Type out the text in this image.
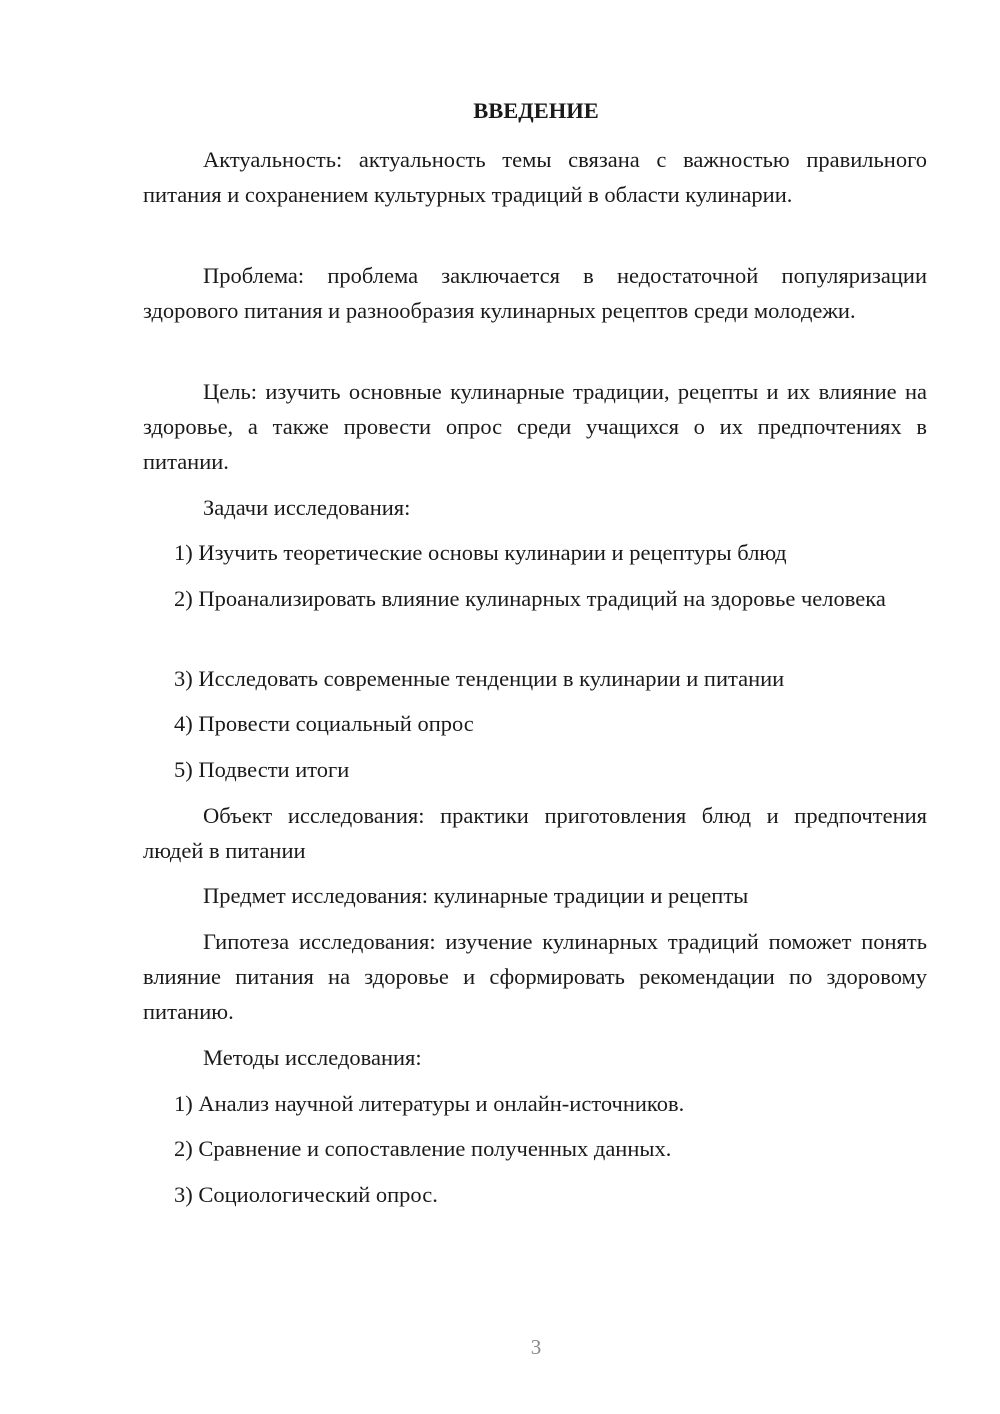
ВВЕДЕНИЕ

Актуальность: актуальность темы связана с важностью правильного питания и сохранением культурных традиций в области кулинарии.

Проблема: проблема заключается в недостаточной популяризации здорового питания и разнообразия кулинарных рецептов среди молодежи.

Цель: изучить основные кулинарные традиции, рецепты и их влияние на здоровье, а также провести опрос среди учащихся о их предпочтениях в питании.

Задачи исследования:

1) Изучить теоретические основы кулинарии и рецептуры блюд

2) Проанализировать влияние кулинарных традиций на здоровье человека

3) Исследовать современные тенденции в кулинарии и питании

4) Провести социальный опрос

5) Подвести итоги

Объект исследования: практики приготовления блюд и предпочтения людей в питании

Предмет исследования: кулинарные традиции и рецепты

Гипотеза исследования: изучение кулинарных традиций поможет понять влияние питания на здоровье и сформировать рекомендации по здоровому питанию.

Методы исследования:

1) Анализ научной литературы и онлайн-источников.

2) Сравнение и сопоставление полученных данных.

3) Социологический опрос.

3
